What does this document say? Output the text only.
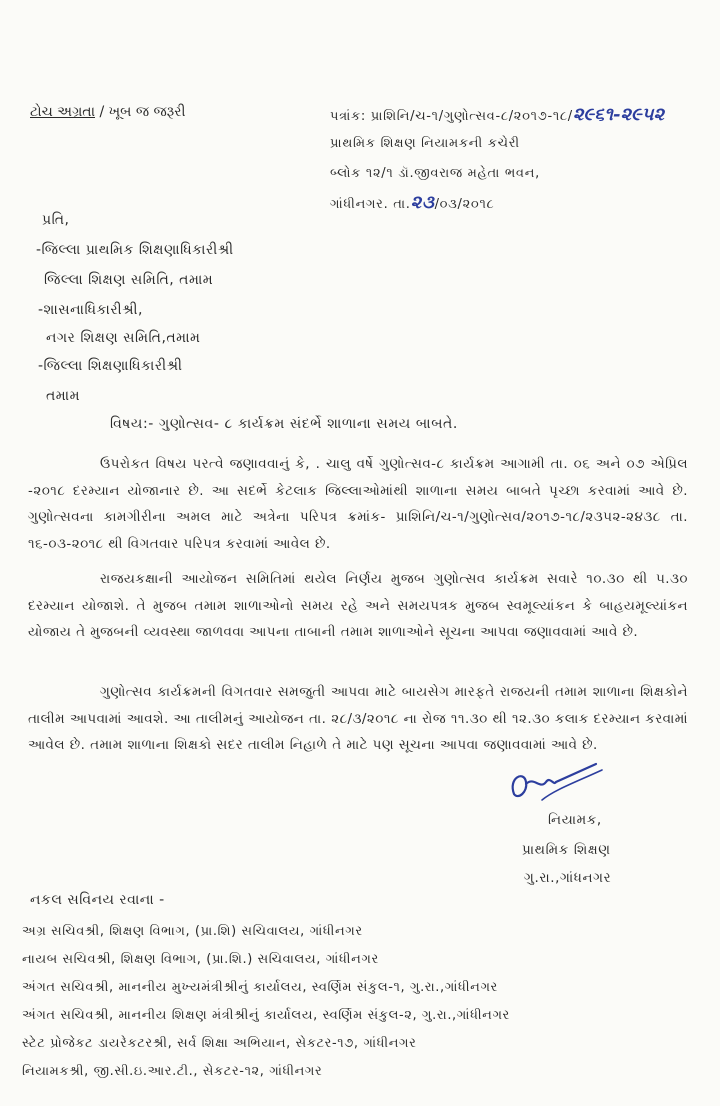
ટોચ અગ્રતા / ખૂબ જ જરૂરી	પત્રાંક: પ્રાશિનિ/ચ-૧/ગુણોત્સવ-૮/૨૦૧૭-૧૮/૨૯૬૧-૨૯૫૨
પ્રાથમિક શિક્ષણ નિયામકની કચેરી
બ્લોક ૧૨/૧ ડૉ.જીવરાજ મહેતા ભવન,
ગાંધીનગર. તા.૨૩/૦૩/૨૦૧૮
પ્રતિ,
-જિલ્લા પ્રાથમિક શિક્ષણાધિકારીશ્રી
જિલ્લા શિક્ષણ સમિતિ, તમામ
-શાસનાધિકારીશ્રી,
નગર શિક્ષણ સમિતિ,તમામ
-જિલ્લા શિક્ષણાધિકારીશ્રી
તમામ
વિષય:- ગુણોત્સવ- ૮ કાર્યક્રમ સંદર્ભે શાળાના સમય બાબતે.
ઉપરોકત વિષય પરત્વે જણાવવાનું કે, . ચાલુ વર્ષે ગુણોત્સવ-૮ કાર્યક્રમ આગામી તા. ૦૬ અને ૦૭ એપ્રિલ -૨૦૧૮ દરમ્યાન યોજાનાર છે. આ સદર્ભે કેટલાક જિલ્લાઓમાંથી શાળાના સમય બાબતે પૃચ્છા કરવામાં આવે છે. ગુણોત્સવના કામગીરીના અમલ માટે અત્રેના પરિપત્ર ક્રમાંક- પ્રાશિનિ/ચ-૧/ગુણોત્સવ/૨૦૧૭-૧૮/૨૩૫૨-૨૪૩૮ તા. ૧૬-૦૩-૨૦૧૮ થી વિગતવાર પરિપત્ર કરવામાં આવેલ છે.
રાજયકક્ષાની આયોજન સમિતિમાં થયેલ નિર્ણય મુજબ ગુણોત્સવ કાર્યક્રમ સવારે ૧૦.૩૦ થી ૫.૩૦ દરમ્યાન યોજાશે. તે મુજબ તમામ શાળાઓનો સમય રહે અને સમયપત્રક મુજબ સ્વમૂલ્યાંકન કે બાહયમૂલ્યાંકન યોજાય તે મુજબની વ્યવસ્થા જાળવવા આપના તાબાની તમામ શાળાઓને સૂચના આપવા જણાવવામાં આવે છે.
ગુણોત્સવ કાર્યક્રમની વિગતવાર સમજુતી આપવા માટે બાયસેગ મારફતે રાજયની તમામ શાળાના શિક્ષકોને તાલીમ આપવામાં આવશે. આ તાલીમનું આયોજન તા. ૨૮/૩/૨૦૧૮ ના રોજ ૧૧.૩૦ થી ૧૨.૩૦ કલાક દરમ્યાન કરવામાં આવેલ છે. તમામ શાળાના શિક્ષકો સદર તાલીમ નિહાળે તે માટે પણ સૂચના આપવા જણાવવામાં આવે છે.
નિયામક,
પ્રાથમિક શિક્ષણ
ગુ.રા.,ગાંધનગર
નકલ સવિનય રવાના -
અગ્ર સચિવશ્રી, શિક્ષણ વિભાગ, (પ્રા.શિ) સચિવાલય, ગાંધીનગર
નાયબ સચિવશ્રી, શિક્ષણ વિભાગ, (પ્રા.શિ.) સચિવાલય, ગાંધીનગર
અંગત સચિવશ્રી, માનનીય મુખ્યમંત્રીશ્રીનું કાર્યાલય, સ્વર્ણિમ સંકુલ-૧, ગુ.રા.,ગાંધીનગર
અંગત સચિવશ્રી, માનનીય શિક્ષણ મંત્રીશ્રીનું કાર્યાલય, સ્વર્ણિમ સંકુલ-૨, ગુ.રા.,ગાંધીનગર
સ્ટેટ પ્રોજેકટ ડાયરેકટરશ્રી, સર્વ શિક્ષા અભિયાન, સેકટર-૧૭, ગાંધીનગર
નિયામકશ્રી, જી.સી.ઇ.આર.ટી., સેકટર-૧૨, ગાંધીનગર
